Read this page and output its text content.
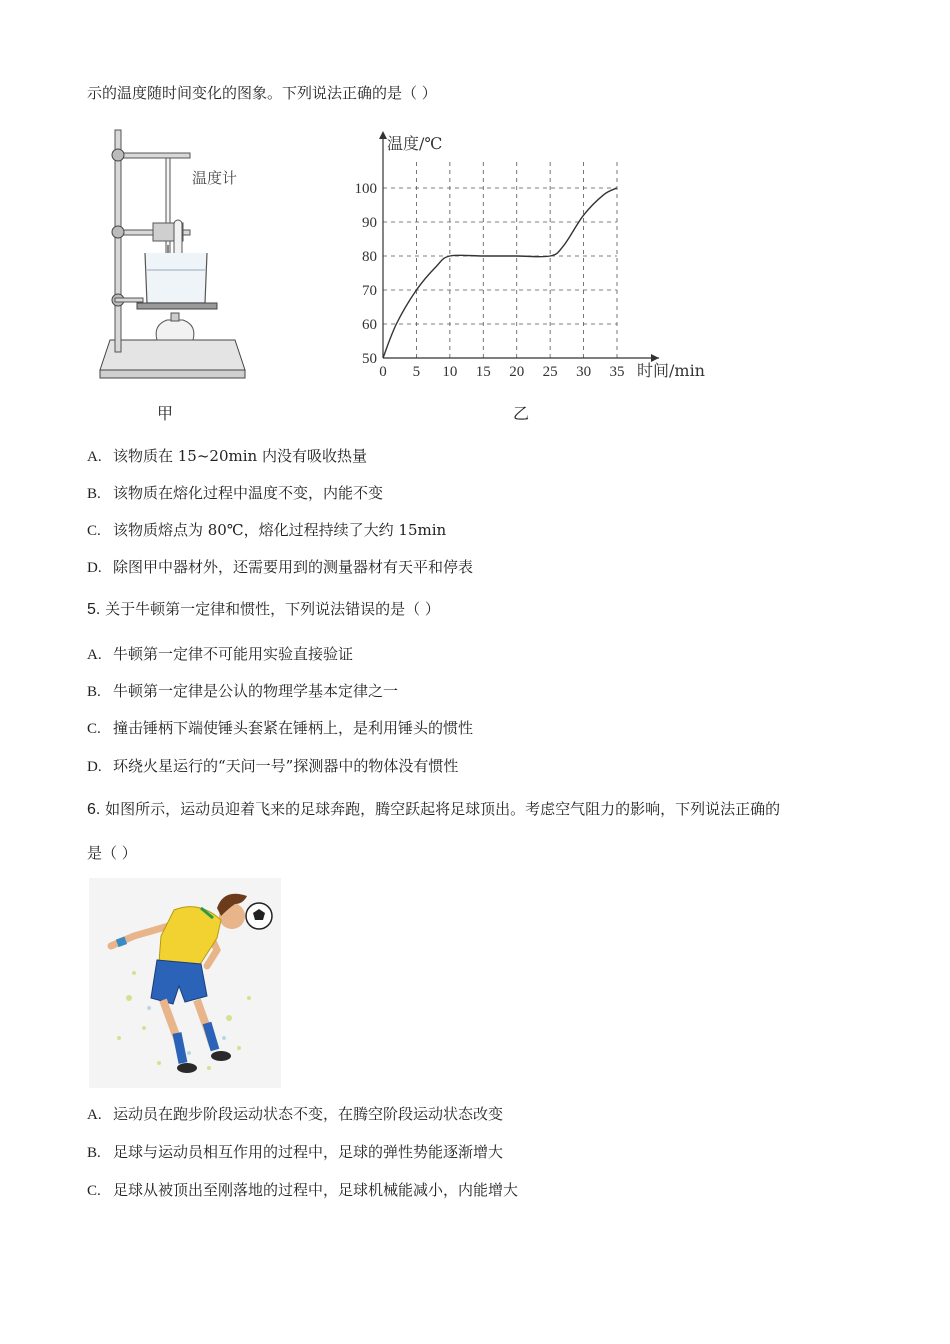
示的温度随时间变化的图象。下列说法正确的是（ ）
温度计
甲
0 5 10 15 20 25 30 35
50
60
70
80
90
100
温度/℃
时间/min
乙
A. 该物质在 15~20min 内没有吸收热量
B. 该物质在熔化过程中温度不变，内能不变
C. 该物质熔点为 80℃，熔化过程持续了大约 15min
D. 除图甲中器材外，还需要用到的测量器材有天平和停表
5. 关于牛顿第一定律和惯性，下列说法错误的是（ ）
A. 牛顿第一定律不可能用实验直接验证
B. 牛顿第一定律是公认的物理学基本定律之一
C. 撞击锤柄下端使锤头套紧在锤柄上，是利用锤头的惯性
D. 环绕火星运行的“天问一号”探测器中的物体没有惯性
6. 如图所示，运动员迎着飞来的足球奔跑，腾空跃起将足球顶出。考虑空气阻力的影响，下列说法正确的
是（ ）
A. 运动员在跑步阶段运动状态不变，在腾空阶段运动状态改变
B. 足球与运动员相互作用的过程中，足球的弹性势能逐渐增大
C. 足球从被顶出至刚落地的过程中，足球机械能减小，内能增大
